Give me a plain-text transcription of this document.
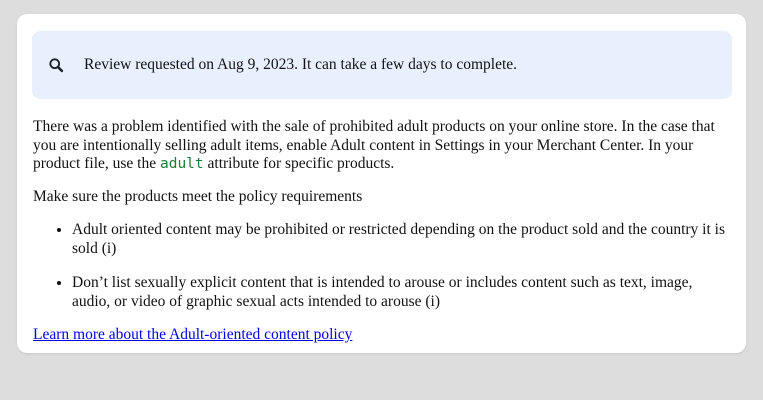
Review requested on Aug 9, 2023. It can take a few days to complete.
There was a problem identified with the sale of prohibited adult products on your online store. In the case that you are intentionally selling adult items, enable Adult content in Settings in your Merchant Center. In your product file, use the adult attribute for specific products.
Make sure the products meet the policy requirements
• Adult oriented content may be prohibited or restricted depending on the product sold and the country it is sold (i)
• Don’t list sexually explicit content that is intended to arouse or includes content such as text, image, audio, or video of graphic sexual acts intended to arouse (i)
Learn more about the Adult-oriented content policy
